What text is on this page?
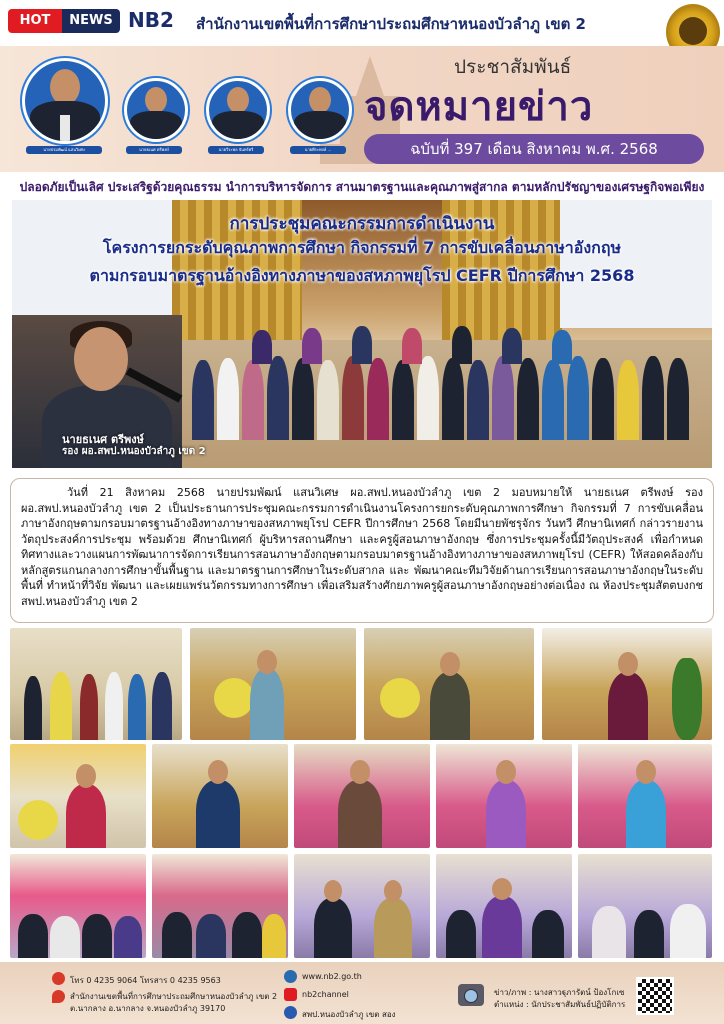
HOT	NEWS NB2 สำนักงานเขตพื้นที่การศึกษาประถมศึกษาหนองบัวลำภู เขต 2
นายปรมพัฒน์ แสนวิเศษ	นายธเนศ ตรีพงษ์	นายวีระพล จันทร์ศรี	นายพีระพงษ์ ...
ประชาสัมพันธ์
จดหมายข่าว
ฉบับที่ 397 เดือน สิงหาคม พ.ศ. 2568
ปลอดภัยเป็นเลิศ ประเสริฐด้วยคุณธรรม นำการบริหารจัดการ สานมาตรฐานและคุณภาพสู่สากล ตามหลักปรัชญาของเศรษฐกิจพอเพียง
นายธเนศ ตรีพงษ์
รอง ผอ.สพป.หนองบัวลำภู เขต 2
การประชุมคณะกรรมการดำเนินงาน
โครงการยกระดับคุณภาพการศึกษา กิจกรรมที่ 7 การขับเคลื่อนภาษาอังกฤษ
ตามกรอบมาตรฐานอ้างอิงทางภาษาของสหภาพยุโรป CEFR ปีการศึกษา 2568
วันที่ 21 สิงหาคม 2568 นายปรมพัฒน์ แสนวิเศษ ผอ.สพป.หนองบัวลำภู เขต 2 มอบหมายให้ นายธเนศ ตรีพงษ์ รอง ผอ.สพป.หนองบัวลำภู เขต 2 เป็นประธานการประชุมคณะกรรมการดำเนินงานโครงการยกระดับคุณภาพการศึกษา กิจกรรมที่ 7 การขับเคลื่อนภาษาอังกฤษตามกรอบมาตรฐานอ้างอิงทางภาษาของสหภาพยุโรป CEFR ปีการศึกษา 2568 โดยมีนายพัชรุจักร วันทวี ศึกษานิเทศก์ กล่าวรายงานวัตถุประสงค์การประชุม พร้อมด้วย ศึกษานิเทศก์ ผู้บริหารสถานศึกษา และครูผู้สอนภาษาอังกฤษ ซึ่งการประชุมครั้งนี้มีวัตถุประสงค์ เพื่อกำหนดทิศทางและวางแผนการพัฒนาการจัดการเรียนการสอนภาษาอังกฤษตามกรอบมาตรฐานอ้างอิงทางภาษาของสหภาพยุโรป (CEFR) ให้สอดคล้องกับหลักสูตรแกนกลางการศึกษาขั้นพื้นฐาน และมาตรฐานการศึกษาในระดับสากล และ พัฒนาคณะทีมวิจัยด้านการเรียนการสอนภาษาอังกฤษในระดับพื้นที่ ทำหน้าที่วิจัย พัฒนา และเผยแพร่นวัตกรรมทางการศึกษา เพื่อเสริมสร้างศักยภาพครูผู้สอนภาษาอังกฤษอย่างต่อเนื่อง ณ ห้องประชุมสัตตบงกช สพป.หนองบัวลำภู เขต 2
โทร 0 4235 9064 โทรสาร 0 4235 9563
สำนักงานเขตพื้นที่การศึกษาประถมศึกษาหนองบัวลำภู เขต 2
ต.นากลาง อ.นากลาง จ.หนองบัวลำภู 39170
www.nb2.go.th
nb2channel
สพป.หนองบัวลำภู เขต สอง
ข่าว/ภาพ : นางสาวฐุภารัตน์ ป้องโกเซ
ตำแหน่ง : นักประชาสัมพันธ์ปฏิบัติการ
